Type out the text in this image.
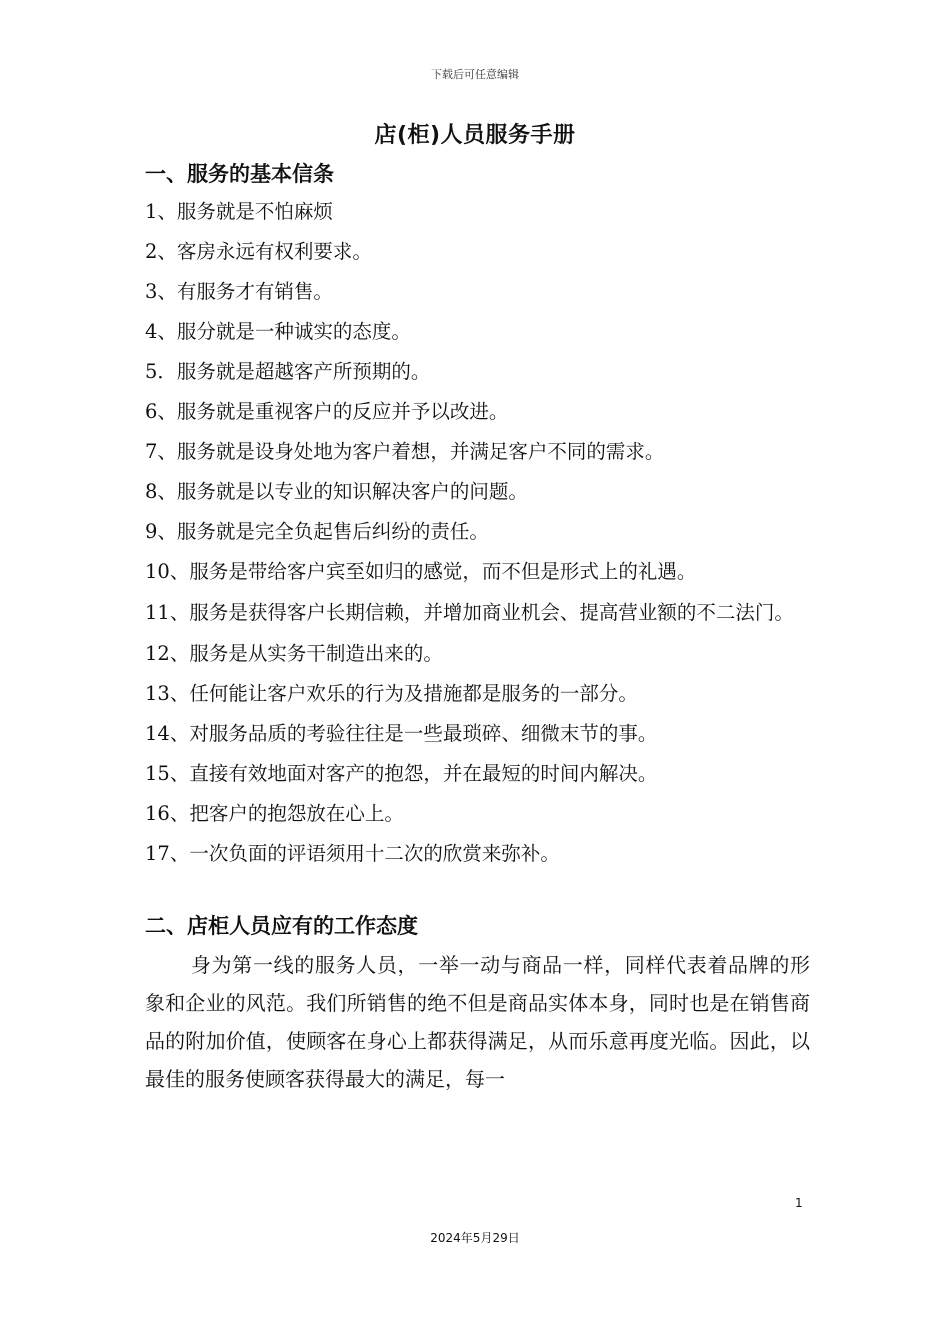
下载后可任意编辑
店(柜)人员服务手册
一、服务的基本信条
1、服务就是不怕麻烦
2、客房永远有权利要求。
3、有服务才有销售。
4、服分就是一种诚实的态度。
5．服务就是超越客产所预期的。
6、服务就是重视客户的反应并予以改进。
7、服务就是设身处地为客户着想，并满足客户不同的需求。
8、服务就是以专业的知识解决客户的问题。
9、服务就是完全负起售后纠纷的责任。
10、服务是带给客户宾至如归的感觉，而不但是形式上的礼遇。
11、服务是获得客户长期信赖，并增加商业机会、提高营业额的不二法门。
12、服务是从实务干制造出来的。
13、任何能让客户欢乐的行为及措施都是服务的一部分。
14、对服务品质的考验往往是一些最琐碎、细微末节的事。
15、直接有效地面对客产的抱怨，并在最短的时间内解决。
16、把客户的抱怨放在心上。
17、一次负面的评语须用十二次的欣赏来弥补。
二、店柜人员应有的工作态度

身为第一线的服务人员，一举一动与商品一样，同样代表着品牌的形象和企业的风范。我们所销售的绝不但是商品实体本身，同时也是在销售商品的附加价值，使顾客在身心上都获得满足，从而乐意再度光临。因此，以最佳的服务使顾客获得最大的满足，每一

1
2024年5月29日
